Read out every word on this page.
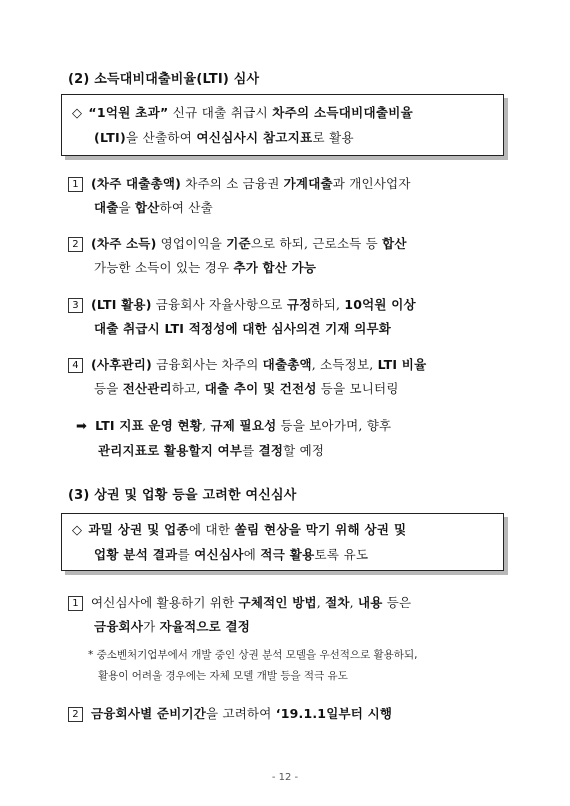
(2) 소득대비대출비율(LTI) 심사
◇ “1억원 초과” 신규 대출 취급시 차주의 소득대비대출비율
(LTI)을 산출하여 여신심사시 참고지표로 활용
1 (차주 대출총액) 차주의 소 금융권 가계대출과 개인사업자
대출을 합산하여 산출
2 (차주 소득) 영업이익을 기준으로 하되, 근로소득 등 합산
가능한 소득이 있는 경우 추가 합산 가능
3 (LTI 활용) 금융회사 자율사항으로 규정하되, 10억원 이상
대출 취급시 LTI 적정성에 대한 심사의견 기재 의무화
4 (사후관리) 금융회사는 차주의 대출총액, 소득정보, LTI 비율
등을 전산관리하고, 대출 추이 및 건전성 등을 모니터링
➡ LTI 지표 운영 현황, 규제 필요성 등을 보아가며, 향후
관리지표로 활용할지 여부를 결정할 예정
(3) 상권 및 업황 등을 고려한 여신심사
◇ 과밀 상권 및 업종에 대한 쏠림 현상을 막기 위해 상권 및
업황 분석 결과를 여신심사에 적극 활용토록 유도
1 여신심사에 활용하기 위한 구체적인 방법, 절차, 내용 등은
금융회사가 자율적으로 결정
* 중소벤처기업부에서 개발 중인 상권 분석 모델을 우선적으로 활용하되,
활용이 어려울 경우에는 자체 모델 개발 등을 적극 유도
2 금융회사별 준비기간을 고려하여 ‘19.1.1일부터 시행
- 12 -
